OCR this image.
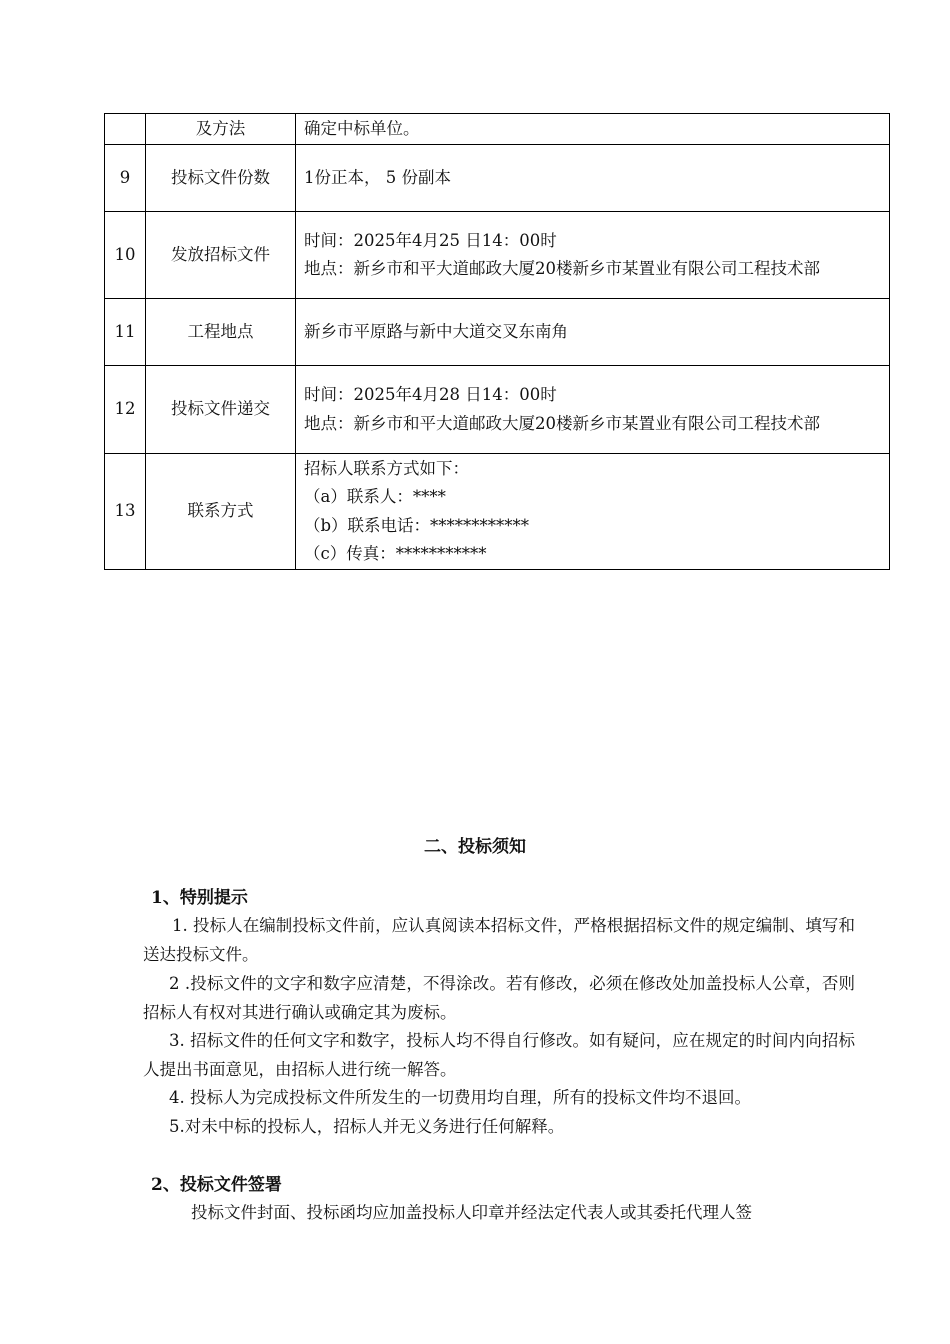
	及方法	确定中标单位。

9	投标文件份数	1份正本， 5 份副本

10	发放招标文件	时间：2025年4月25 日14：00时
地点：新乡市和平大道邮政大厦20楼新乡市某置业有限公司工程技术部

11	工程地点	新乡市平原路与新中大道交叉东南角

12	投标文件递交	时间：2025年4月28 日14：00时
地点：新乡市和平大道邮政大厦20楼新乡市某置业有限公司工程技术部

13	联系方式	招标人联系方式如下：
（a）联系人：****
（b）联系电话：************
（c）传真：***********
二、投标须知
1、特别提示
1. 投标人在编制投标文件前，应认真阅读本招标文件，严格根据招标文件的规定编制、填写和送达投标文件。
2 .投标文件的文字和数字应清楚，不得涂改。若有修改，必须在修改处加盖投标人公章，否则招标人有权对其进行确认或确定其为废标。
3. 招标文件的任何文字和数字，投标人均不得自行修改。如有疑问，应在规定的时间内向招标人提出书面意见，由招标人进行统一解答。
4. 投标人为完成投标文件所发生的一切费用均自理，所有的投标文件均不退回。
5.对未中标的投标人，招标人并无义务进行任何解释。
2、投标文件签署
投标文件封面、投标函均应加盖投标人印章并经法定代表人或其委托代理人签
